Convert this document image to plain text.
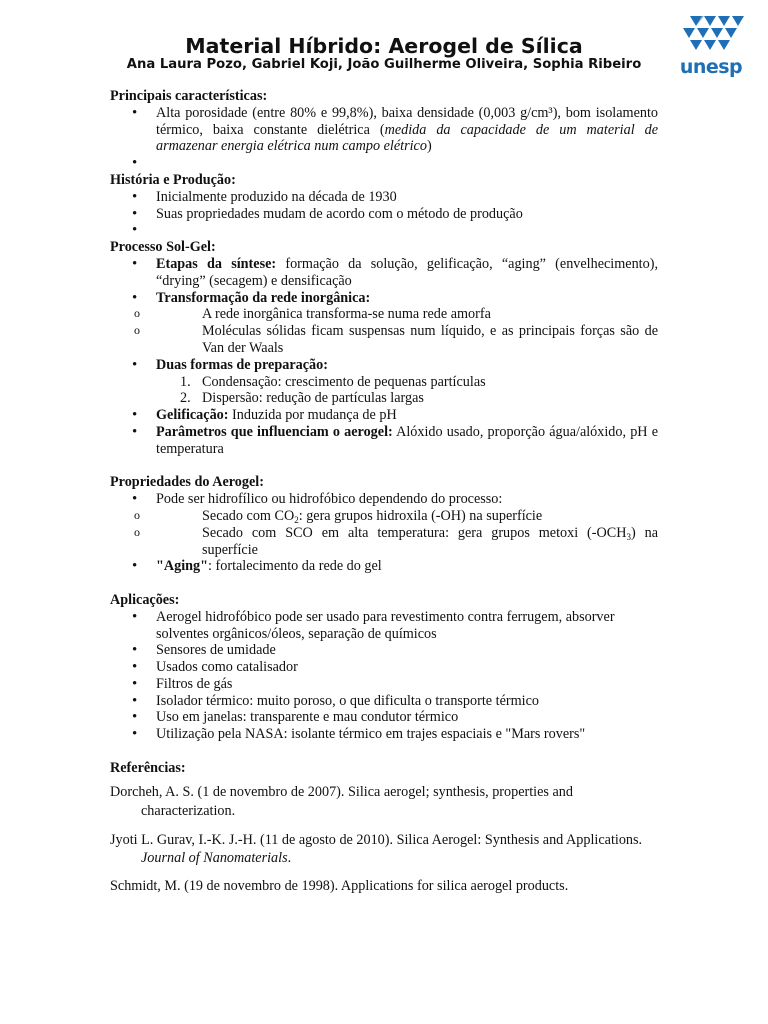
Material Híbrido: Aerogel de Sílica
Ana Laura Pozo, Gabriel Koji, João Guilherme Oliveira, Sophia Ribeiro	unesp

Principais características:

• Alta porosidade (entre 80% e 99,8%), baixa densidade (0,003 g/cm³), bom isolamento térmico, baixa constante dielétrica (medida da capacidade de um material de armazenar energia elétrica num campo elétrico)
•

História e Produção:

• Inicialmente produzido na década de 1930
• Suas propriedades mudam de acordo com o método de produção
•

Processo Sol-Gel:

• Etapas da síntese: formação da solução, gelificação, “aging” (envelhecimento), “drying” (secagem) e densificação
• Transformação da rede inorgânica:
o A rede inorgânica transforma-se numa rede amorfa
o Moléculas sólidas ficam suspensas num líquido, e as principais forças são de Van der Waals
• Duas formas de preparação:
1. Condensação: crescimento de pequenas partículas
2. Dispersão: redução de partículas largas
• Gelificação: Induzida por mudança de pH
• Parâmetros que influenciam o aerogel: Alóxido usado, proporção água/alóxido, pH e temperatura

Propriedades do Aerogel:

• Pode ser hidrofílico ou hidrofóbico dependendo do processo:
o Secado com $CO_2$: gera grupos hidroxila (-OH) na superfície
o Secado com SCO em alta temperatura: gera grupos metoxi $(-OCH_3)$ na superfície
• "Aging": fortalecimento da rede do gel

Aplicações:

• Aerogel hidrofóbico pode ser usado para revestimento contra ferrugem, absorver solventes orgânicos/óleos, separação de químicos
• Sensores de umidade
• Usados como catalisador
• Filtros de gás
• Isolador térmico: muito poroso, o que dificulta o transporte térmico
• Uso em janelas: transparente e mau condutor térmico
• Utilização pela NASA: isolante térmico em trajes espaciais e "Mars rovers"

Referências:

Dorcheh, A. S. (1 de novembro de 2007). Silica aerogel; synthesis, properties and characterization.

Jyoti L. Gurav, I.-K. J.-H. (11 de agosto de 2010). Silica Aerogel: Synthesis and Applications. Journal of Nanomaterials.

Schmidt, M. (19 de novembro de 1998). Applications for silica aerogel products.
